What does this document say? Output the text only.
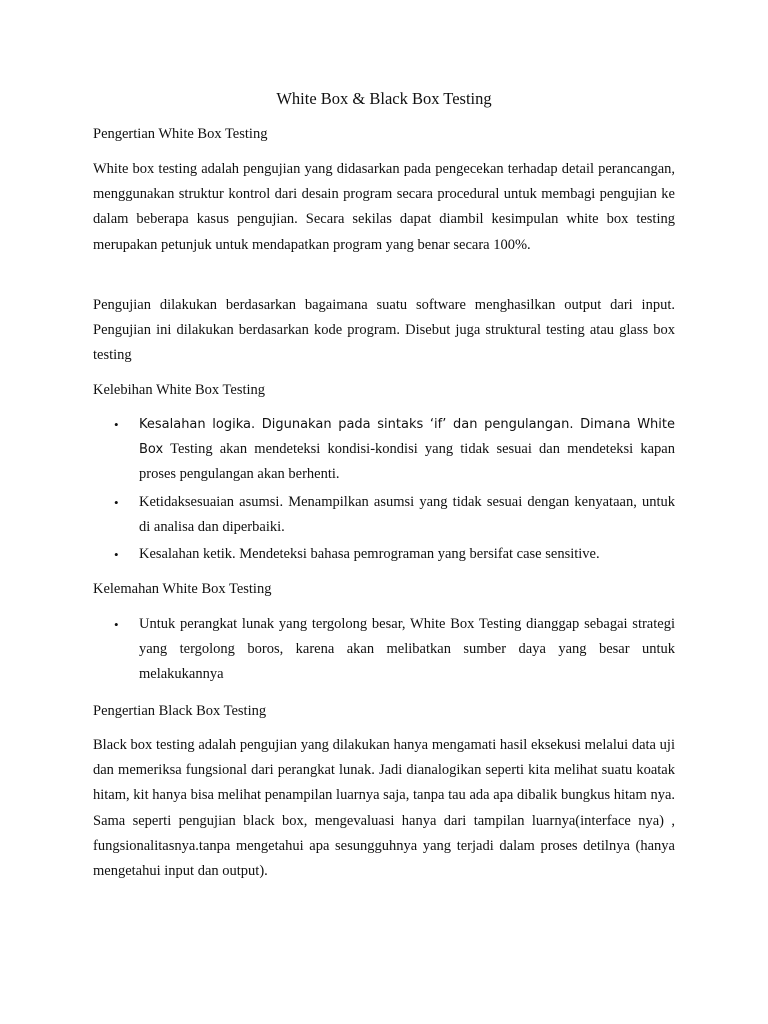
White Box & Black Box Testing
Pengertian White Box Testing

White box testing adalah pengujian yang didasarkan pada pengecekan terhadap detail perancangan, menggunakan struktur kontrol dari desain program secara procedural untuk membagi pengujian ke dalam beberapa kasus pengujian. Secara sekilas dapat diambil kesimpulan white box testing merupakan petunjuk untuk mendapatkan program yang benar secara 100%.

Pengujian dilakukan berdasarkan bagaimana suatu software menghasilkan output dari input. Pengujian ini dilakukan berdasarkan kode program. Disebut juga struktural testing atau glass box testing

Kelebihan White Box Testing
• Kesalahan logika. Digunakan pada sintaks ‘if’ dan pengulangan. Dimana White Box Testing akan mendeteksi kondisi-kondisi yang tidak sesuai dan mendeteksi kapan proses pengulangan akan berhenti.
• Ketidaksesuaian asumsi. Menampilkan asumsi yang tidak sesuai dengan kenyataan, untuk di analisa dan diperbaiki.
• Kesalahan ketik. Mendeteksi bahasa pemrograman yang bersifat case sensitive.
Kelemahan White Box Testing
• Untuk perangkat lunak yang tergolong besar, White Box Testing dianggap sebagai strategi yang tergolong boros, karena akan melibatkan sumber daya yang besar untuk melakukannya
Pengertian Black Box Testing

Black box testing adalah pengujian yang dilakukan hanya mengamati hasil eksekusi melalui data uji dan memeriksa fungsional dari perangkat lunak. Jadi dianalogikan seperti kita melihat suatu koatak hitam, kit hanya bisa melihat penampilan luarnya saja, tanpa tau ada apa dibalik bungkus hitam nya. Sama seperti pengujian black box, mengevaluasi hanya dari tampilan luarnya(interface nya) , fungsionalitasnya.tanpa mengetahui apa sesungguhnya yang terjadi dalam proses detilnya (hanya mengetahui input dan output).
